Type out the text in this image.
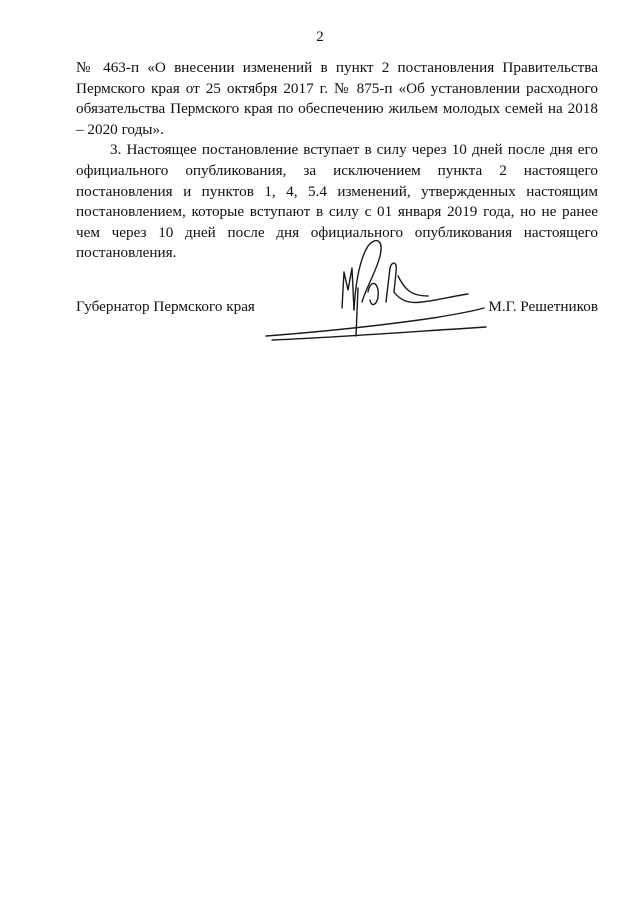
2

№ 463-п «О внесении изменений в пункт 2 постановления Правительства Пермского края от 25 октября 2017 г. № 875-п «Об установлении расходного обязательства Пермского края по обеспечению жильем молодых семей на 2018 – 2020 годы».

3. Настоящее постановление вступает в силу через 10 дней после дня его официального опубликования, за исключением пункта 2 настоящего постановления и пунктов 1, 4, 5.4 изменений, утвержденных настоящим постановлением, которые вступают в силу с 01 января 2019 года, но не ранее чем через 10 дней после дня официального опубликования настоящего постановления.

Губернатор Пермского края	М.Г. Решетников
